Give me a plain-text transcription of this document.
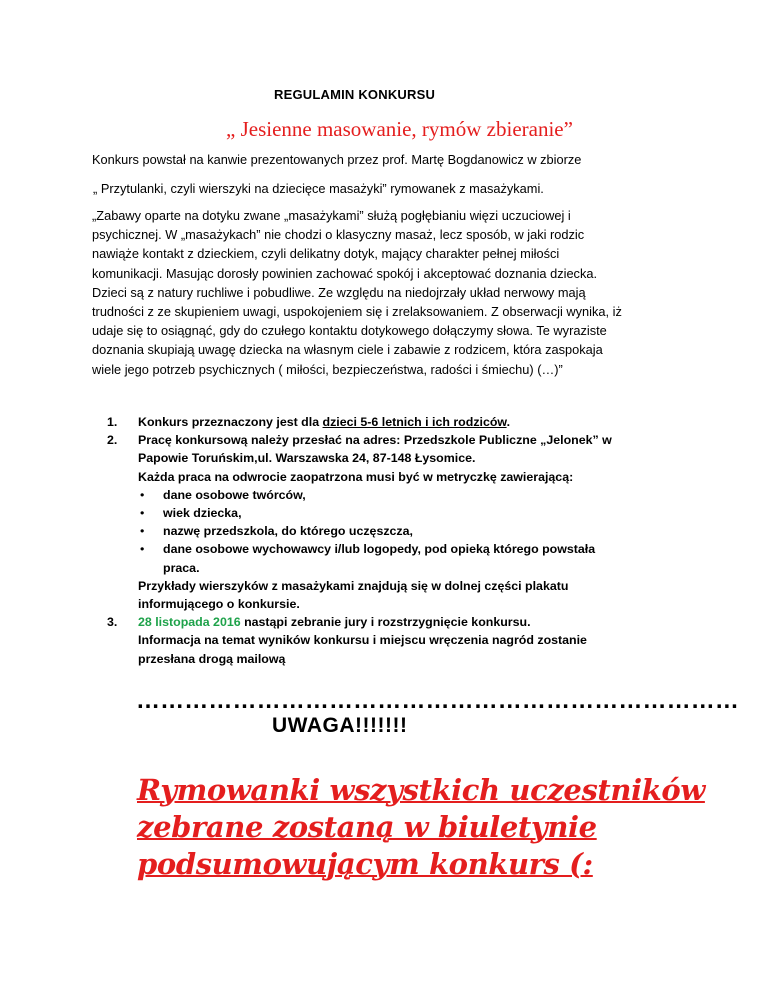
REGULAMIN KONKURSU
„ Jesienne masowanie, rymów zbieranie”
Konkurs powstał na kanwie prezentowanych przez prof. Martę Bogdanowicz w zbiorze
„ Przytulanki, czyli wierszyki na dziecięce masażyki” rymowanek z masażykami.
„Zabawy oparte na dotyku zwane „masażykami” służą pogłębianiu więzi uczuciowej i
psychicznej. W „masażykach” nie chodzi o klasyczny masaż, lecz sposób, w jaki rodzic
nawiąże kontakt z dzieckiem, czyli delikatny dotyk, mający charakter pełnej miłości
komunikacji. Masując dorosły powinien zachować spokój i akceptować doznania dziecka.
Dzieci są z natury ruchliwe i pobudliwe. Ze względu na niedojrzały układ nerwowy mają
trudności z ze skupieniem uwagi, uspokojeniem się i zrelaksowaniem. Z obserwacji wynika, iż
udaje się to osiągnąć, gdy do czułego kontaktu dotykowego dołączymy słowa. Te wyraziste
doznania skupiają uwagę dziecka na własnym ciele i zabawie z rodzicem, która zaspokaja
wiele jego potrzeb psychicznych ( miłości, bezpieczeństwa, radości i śmiechu) (…)”
1. Konkurs przeznaczony jest dla dzieci 5-6 letnich i ich rodziców.
2. Pracę konkursową należy przesłać na adres: Przedszkole Publiczne „Jelonek” w
Papowie Toruńskim,ul. Warszawska 24, 87-148 Łysomice.
Każda praca na odwrocie zaopatrzona musi być w metryczkę zawierającą:
• dane osobowe twórców,
• wiek dziecka,
• nazwę przedszkola, do którego uczęszcza,
• dane osobowe wychowawcy i/lub logopedy, pod opieką którego powstała
praca.
Przykłady wierszyków z masażykami znajdują się w dolnej części plakatu
informującego o konkursie.
3. 28 listopada 2016 nastąpi zebranie jury i rozstrzygnięcie konkursu.
Informacja na temat wyników konkursu i miejscu wręczenia nagród zostanie
przesłana drogą mailową
…………………………………………………………………
UWAGA!!!!!!!
Rymowanki wszystkich uczestników
zebrane zostaną w biuletynie
podsumowującym konkurs (:
